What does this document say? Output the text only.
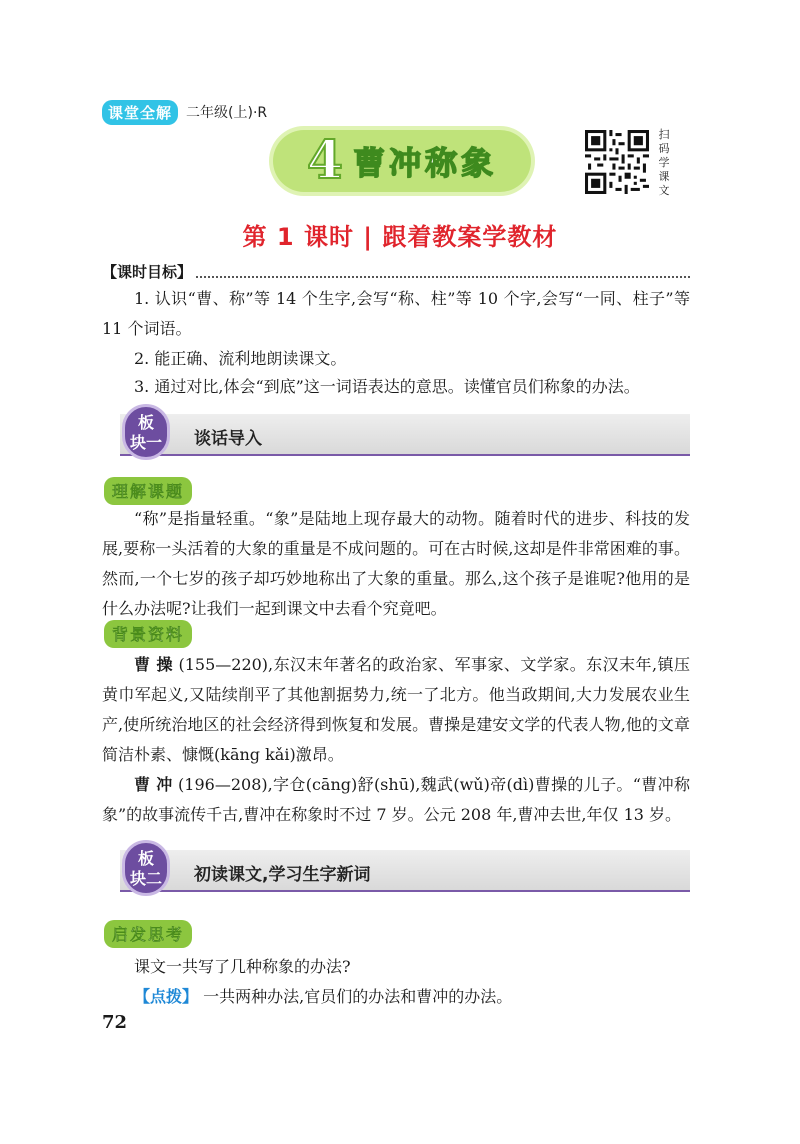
课堂全解	二年级(上)·R
4 曹冲称象
扫码学课文
第 1 课时 | 跟着教案学教材
【课时目标】
1. 认识“曹、称”等 14 个生字,会写“称、柱”等 10 个字,会写“一同、柱子”等 11 个词语。
2. 能正确、流利地朗读课文。
3. 通过对比,体会“到底”这一词语表达的意思。读懂官员们称象的办法。
板
块一 谈话导入
理解课题
“称”是指量轻重。“象”是陆地上现存最大的动物。随着时代的进步、科技的发展,要称一头活着的大象的重量是不成问题的。可在古时候,这却是件非常困难的事。然而,一个七岁的孩子却巧妙地称出了大象的重量。那么,这个孩子是谁呢?他用的是什么办法呢?让我们一起到课文中去看个究竟吧。
背景资料
曹 操 (155—220),东汉末年著名的政治家、军事家、文学家。东汉末年,镇压黄巾军起义,又陆续削平了其他割据势力,统一了北方。他当政期间,大力发展农业生产,使所统治地区的社会经济得到恢复和发展。曹操是建安文学的代表人物,他的文章简洁朴素、慷慨(kāng kǎi)激昂。
曹 冲 (196—208),字仓(cāng)舒(shū),魏武(wǔ)帝(dì)曹操的儿子。“曹冲称象”的故事流传千古,曹冲在称象时不过 7 岁。公元 208 年,曹冲去世,年仅 13 岁。
板
块二 初读课文,学习生字新词
启发思考
课文一共写了几种称象的办法?
【点拨】 一共两种办法,官员们的办法和曹冲的办法。
72
